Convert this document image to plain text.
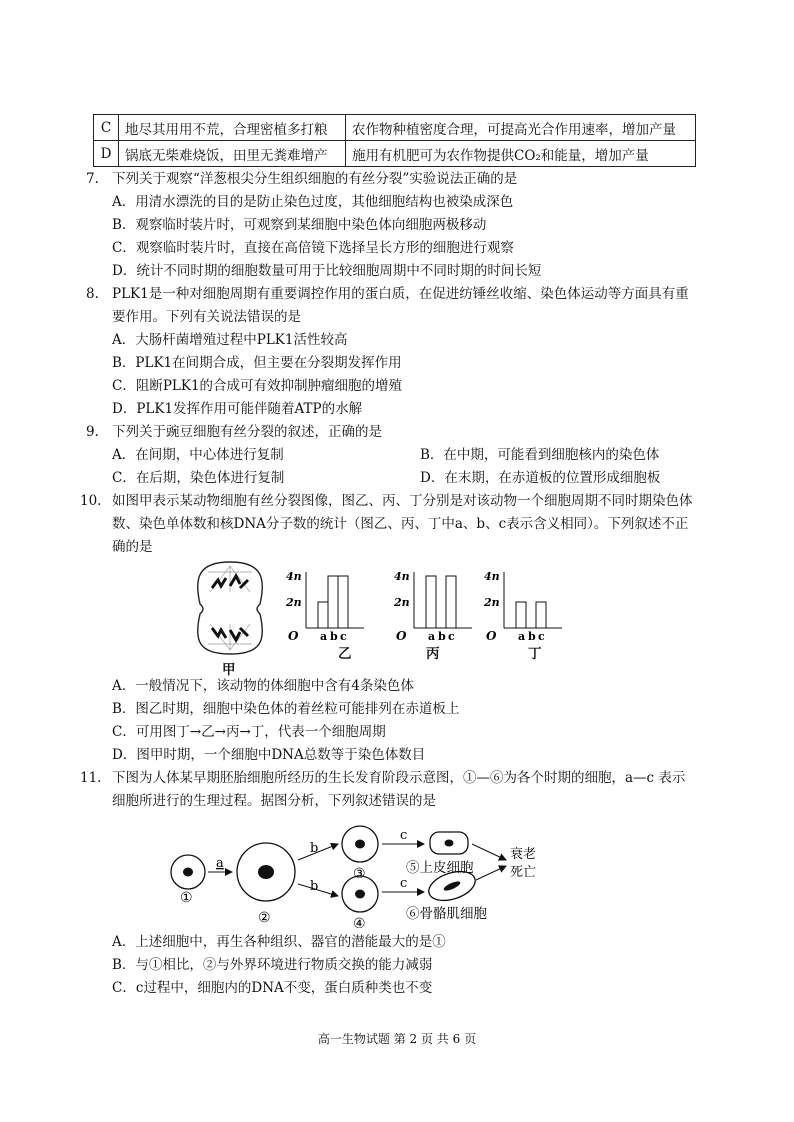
C	地尽其用用不荒，合理密植多打粮	农作物种植密度合理，可提高光合作用速率，增加产量
D	锅底无柴难烧饭，田里无粪难增产	施用有机肥可为农作物提供CO₂和能量，增加产量
7. 下列关于观察“洋葱根尖分生组织细胞的有丝分裂”实验说法正确的是
A．用清水漂洗的目的是防止染色过度，其他细胞结构也被染成深色
B．观察临时装片时，可观察到某细胞中染色体向细胞两极移动
C．观察临时装片时，直接在高倍镜下选择呈长方形的细胞进行观察
D．统计不同时期的细胞数量可用于比较细胞周期中不同时期的时间长短
8. PLK1是一种对细胞周期有重要调控作用的蛋白质，在促进纺锤丝收缩、染色体运动等方面具有重
要作用。下列有关说法错误的是
A．大肠杆菌增殖过程中PLK1活性较高
B．PLK1在间期合成，但主要在分裂期发挥作用
C．阻断PLK1的合成可有效抑制肿瘤细胞的增殖
D．PLK1发挥作用可能伴随着ATP的水解
9. 下列关于豌豆细胞有丝分裂的叙述，正确的是
A．在间期，中心体进行复制	B．在中期，可能看到细胞核内的染色体
C．在后期，染色体进行复制	D．在末期，在赤道板的位置形成细胞板
10. 如图甲表示某动物细胞有丝分裂图像，图乙、丙、丁分别是对该动物一个细胞周期不同时期染色体
数、染色单体数和核DNA分子数的统计（图乙、丙、丁中a、b、c表示含义相同）。下列叙述不正
确的是
甲
O
2n
4n
a b c	O
2n
4n
a b c	O
2n
4n
a b c
乙	丙	丁
A．一般情况下，该动物的体细胞中含有4条染色体
B．图乙时期，细胞中染色体的着丝粒可能排列在赤道板上
C．可用图丁→乙→丙→丁，代表一个细胞周期
D．图甲时期，一个细胞中DNA总数等于染色体数目
11. 下图为人体某早期胚胎细胞所经历的生长发育阶段示意图，①—⑥为各个时期的细胞，a—c 表示
细胞所进行的生理过程。据图分析，下列叙述错误的是
①
②
③
④
⑤上皮细胞
⑥骨骼肌细胞
a
b
b
c
c
衰老
死亡
A．上述细胞中，再生各种组织、器官的潜能最大的是①
B．与①相比，②与外界环境进行物质交换的能力减弱
C．c过程中，细胞内的DNA不变，蛋白质种类也不变
高一生物试题 第 2 页 共 6 页
